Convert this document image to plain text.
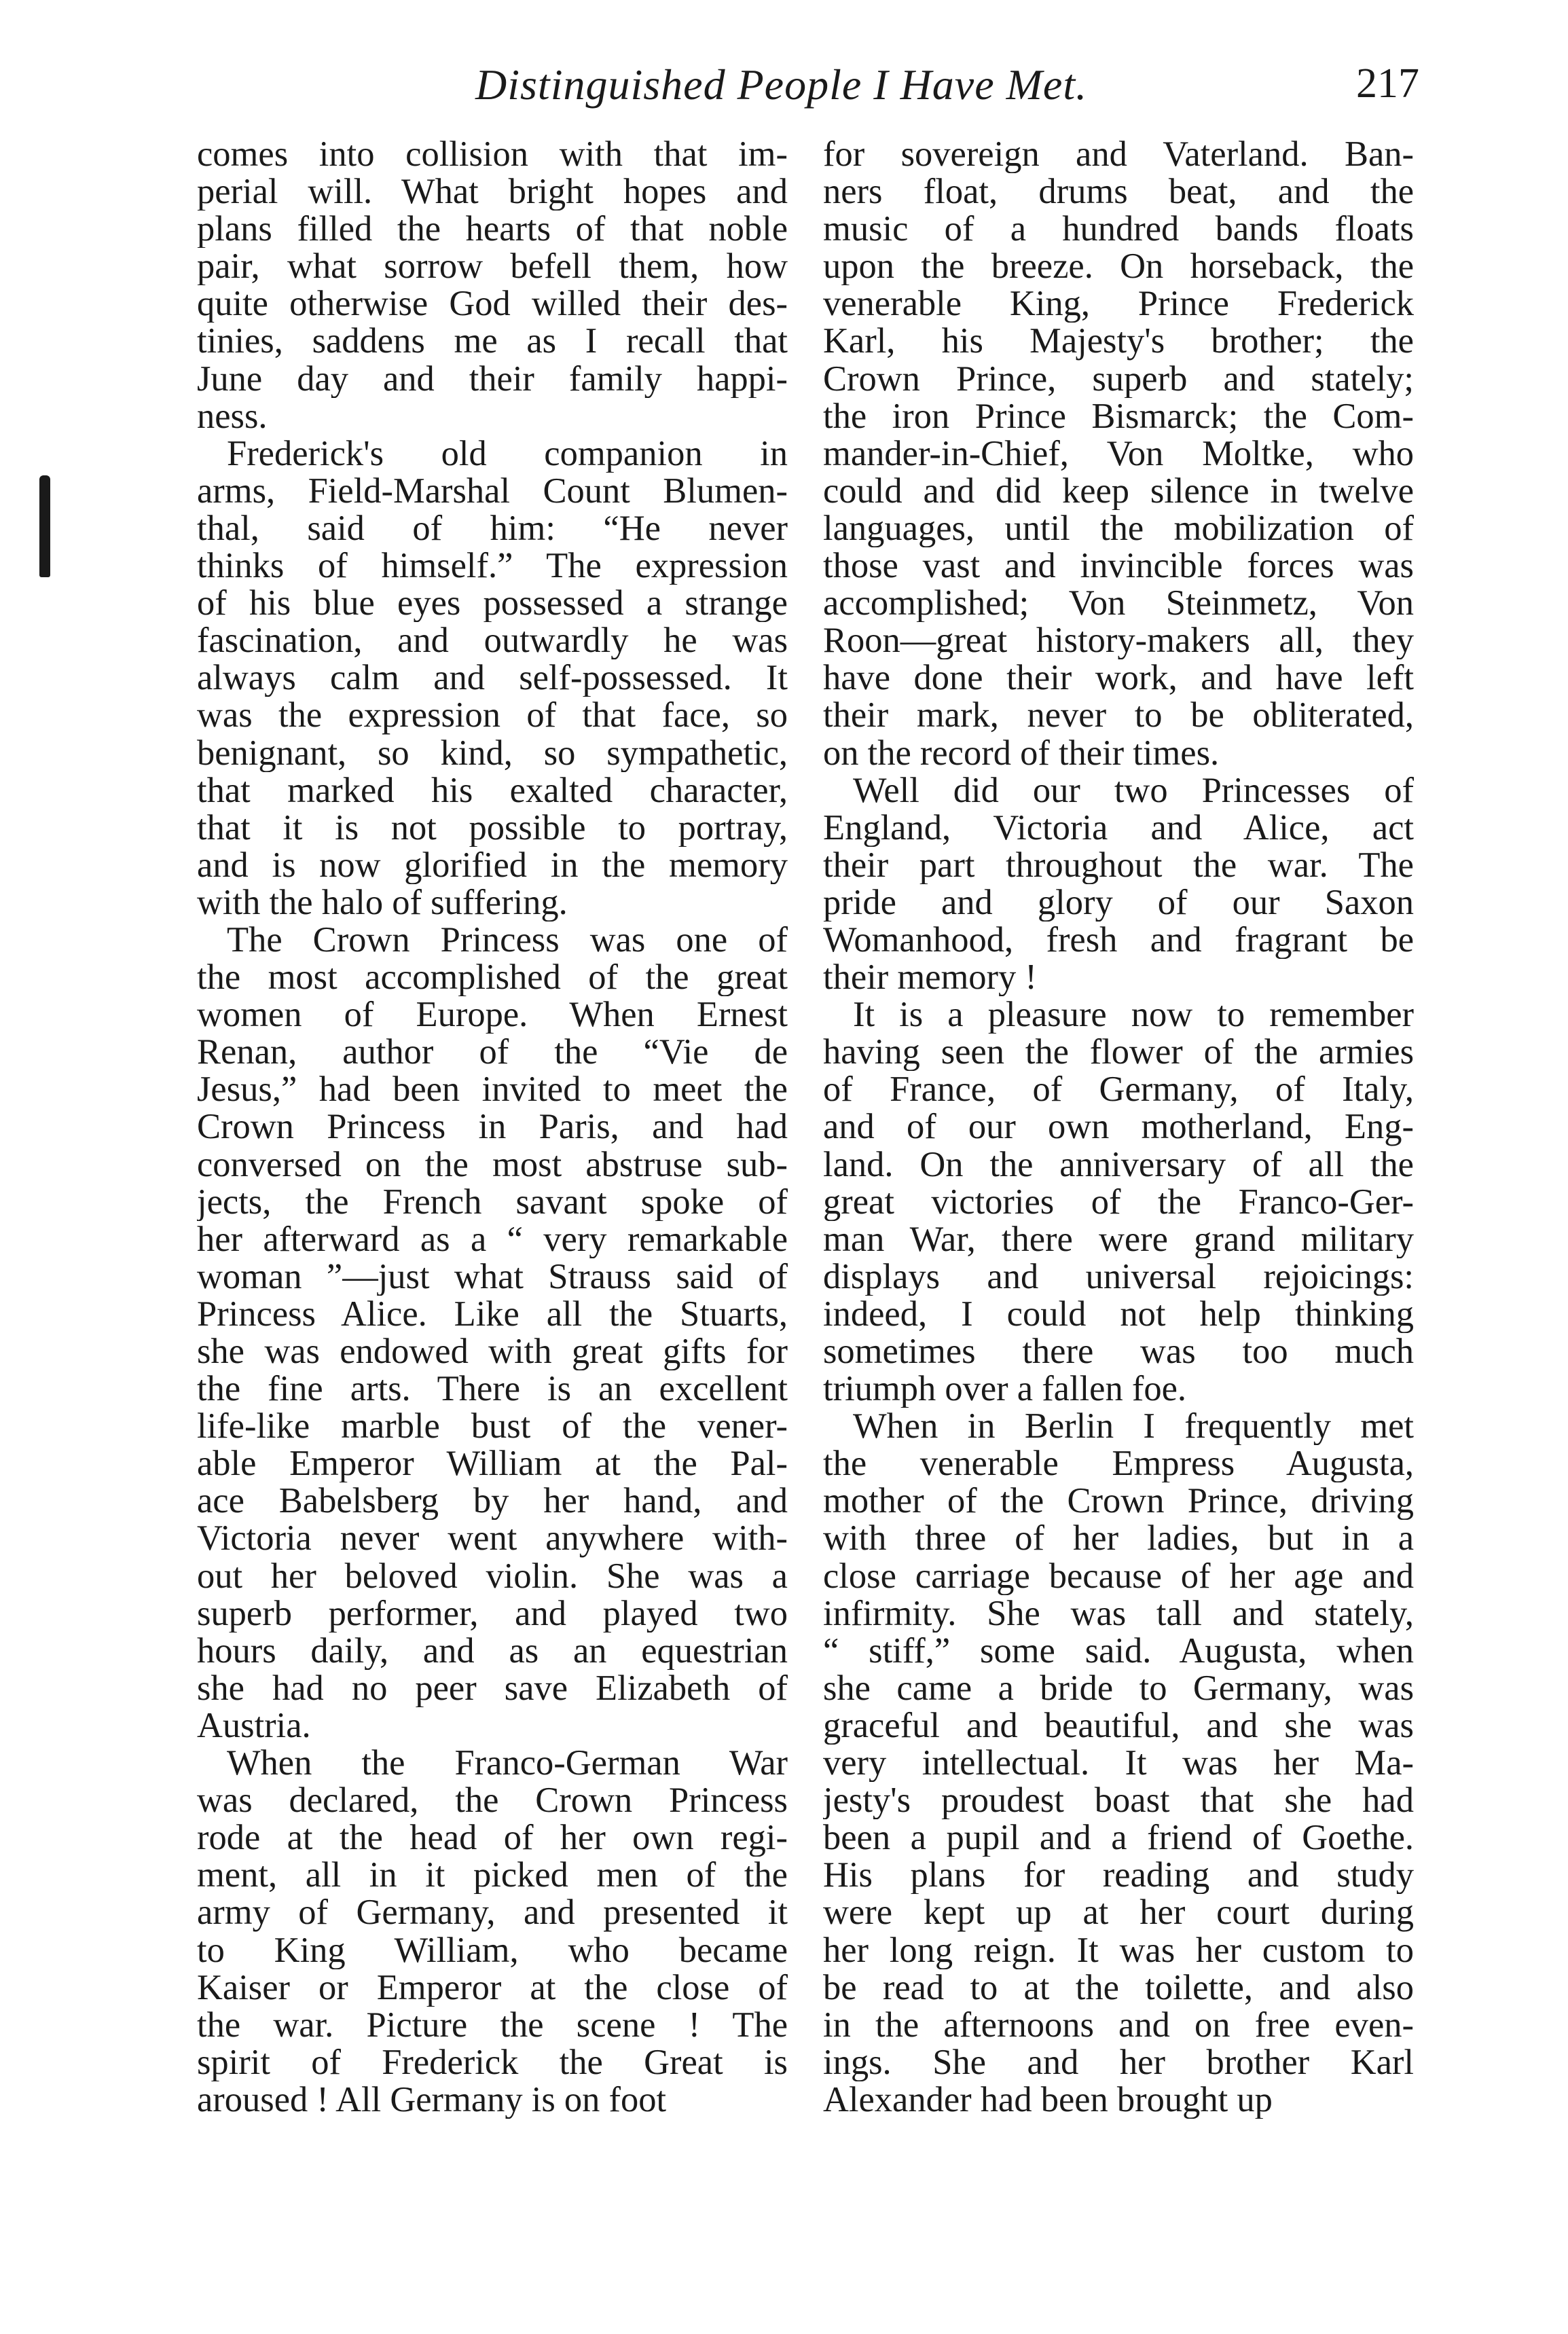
Distinguished People I Have Met.	217
comes into collision with that im-
perial will. What bright hopes and
plans filled the hearts of that noble
pair, what sorrow befell them, how
quite otherwise God willed their des-
tinies, saddens me as I recall that
June day and their family happi-
ness.
Frederick's old companion in
arms, Field-Marshal Count Blumen-
thal, said of him: “He never
thinks of himself.” The expression
of his blue eyes possessed a strange
fascination, and outwardly he was
always calm and self-possessed. It
was the expression of that face, so
benignant, so kind, so sympathetic,
that marked his exalted character,
that it is not possible to portray,
and is now glorified in the memory
with the halo of suffering.
The Crown Princess was one of
the most accomplished of the great
women of Europe. When Ernest
Renan, author of the “Vie de
Jesus,” had been invited to meet the
Crown Princess in Paris, and had
conversed on the most abstruse sub-
jects, the French savant spoke of
her afterward as a “ very remarkable
woman ”—just what Strauss said of
Princess Alice. Like all the Stuarts,
she was endowed with great gifts for
the fine arts. There is an excellent
life-like marble bust of the vener-
able Emperor William at the Pal-
ace Babelsberg by her hand, and
Victoria never went anywhere with-
out her beloved violin. She was a
superb performer, and played two
hours daily, and as an equestrian
she had no peer save Elizabeth of
Austria.
When the Franco-German War
was declared, the Crown Princess
rode at the head of her own regi-
ment, all in it picked men of the
army of Germany, and presented it
to King William, who became
Kaiser or Emperor at the close of
the war. Picture the scene ! The
spirit of Frederick the Great is
aroused ! All Germany is on foot
for sovereign and Vaterland. Ban-
ners float, drums beat, and the
music of a hundred bands floats
upon the breeze. On horseback, the
venerable King, Prince Frederick
Karl, his Majesty's brother; the
Crown Prince, superb and stately;
the iron Prince Bismarck; the Com-
mander-in-Chief, Von Moltke, who
could and did keep silence in twelve
languages, until the mobilization of
those vast and invincible forces was
accomplished; Von Steinmetz, Von
Roon—great history-makers all, they
have done their work, and have left
their mark, never to be obliterated,
on the record of their times.
Well did our two Princesses of
England, Victoria and Alice, act
their part throughout the war. The
pride and glory of our Saxon
Womanhood, fresh and fragrant be
their memory !
It is a pleasure now to remember
having seen the flower of the armies
of France, of Germany, of Italy,
and of our own motherland, Eng-
land. On the anniversary of all the
great victories of the Franco-Ger-
man War, there were grand military
displays and universal rejoicings:
indeed, I could not help thinking
sometimes there was too much
triumph over a fallen foe.
When in Berlin I frequently met
the venerable Empress Augusta,
mother of the Crown Prince, driving
with three of her ladies, but in a
close carriage because of her age and
infirmity. She was tall and stately,
“ stiff,” some said. Augusta, when
she came a bride to Germany, was
graceful and beautiful, and she was
very intellectual. It was her Ma-
jesty's proudest boast that she had
been a pupil and a friend of Goethe.
His plans for reading and study
were kept up at her court during
her long reign. It was her custom to
be read to at the toilette, and also
in the afternoons and on free even-
ings. She and her brother Karl
Alexander had been brought up
